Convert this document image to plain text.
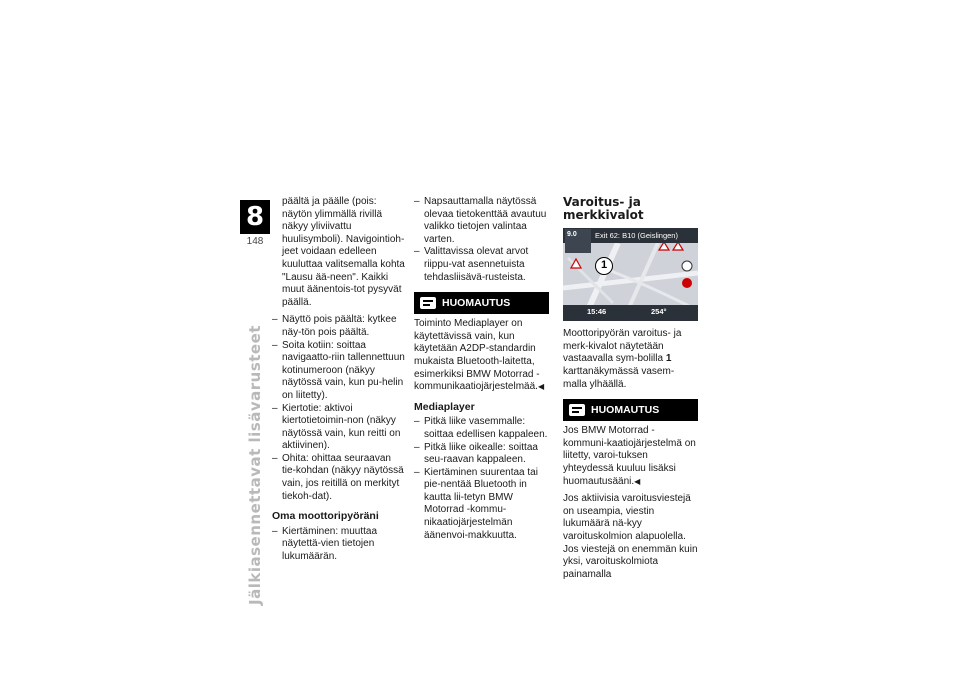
8
148
Jälkiasennettavat lisävarusteet
päältä ja päälle (pois: näytön ylimmällä rivillä näkyy yliviivattu huulisymboli). Navigointioh-jeet voidaan edelleen kuuluttaa valitsemalla kohta "Lausu ää-neen". Kaikki muut äänentois-tot pysyvät päällä.
– Näyttö pois päältä: kytkee näy-tön pois päältä.
– Soita kotiin: soittaa navigaatto-riin tallennettuun kotinumeroon (näkyy näytössä vain, kun pu-helin on liitetty).
– Kiertotie: aktivoi kiertotietoimin-non (näkyy näytössä vain, kun reitti on aktiivinen).
– Ohita: ohittaa seuraavan tie-kohdan (näkyy näytössä vain, jos reitillä on merkityt tiekoh-dat).
Oma moottoripyöräni
– Kiertäminen: muuttaa näytettä-vien tietojen lukumäärän.
– Napsauttamalla näytössä olevaa tietokenttää avautuu valikko tietojen valintaa varten.
– Valittavissa olevat arvot riippu-vat asennetuista tehdasliisävä-rusteista.
HUOMAUTUS
Toiminto Mediaplayer on käytettävissä vain, kun käytetään A2DP-standardin mukaista Bluetooth-laitetta, esimerkiksi BMW Motorrad -kommunikaatiojärjestelmää.◀
Mediaplayer
– Pitkä liike vasemmalle: soittaa edellisen kappaleen.
– Pitkä liike oikealle: soittaa seu-raavan kappaleen.
– Kiertäminen suurentaa tai pie-nentää Bluetooth in kautta lii-tetyn BMW Motorrad -kommu-nikaatiojärjestelmän äänenvoi-makkuutta.
Varoitus- ja merkkivalot
Exit 62: B10 (Geislingen)
9.0
1
15:46	254°
Moottoripyörän varoitus- ja merk-kivalot näytetään vastaavalla sym-bolilla 1 karttanäkymässä vasem-malla ylhäällä.
HUOMAUTUS
Jos BMW Motorrad -kommuni-kaatiojärjestelmä on liitetty, varoi-tuksen yhteydessä kuuluu lisäksi huomautusääni.◀
Jos aktiivisia varoitusviestejä on useampia, viestin lukumäärä nä-kyy varoituskolmion alapuolella. Jos viestejä on enemmän kuin yksi, varoituskolmiota painamalla
